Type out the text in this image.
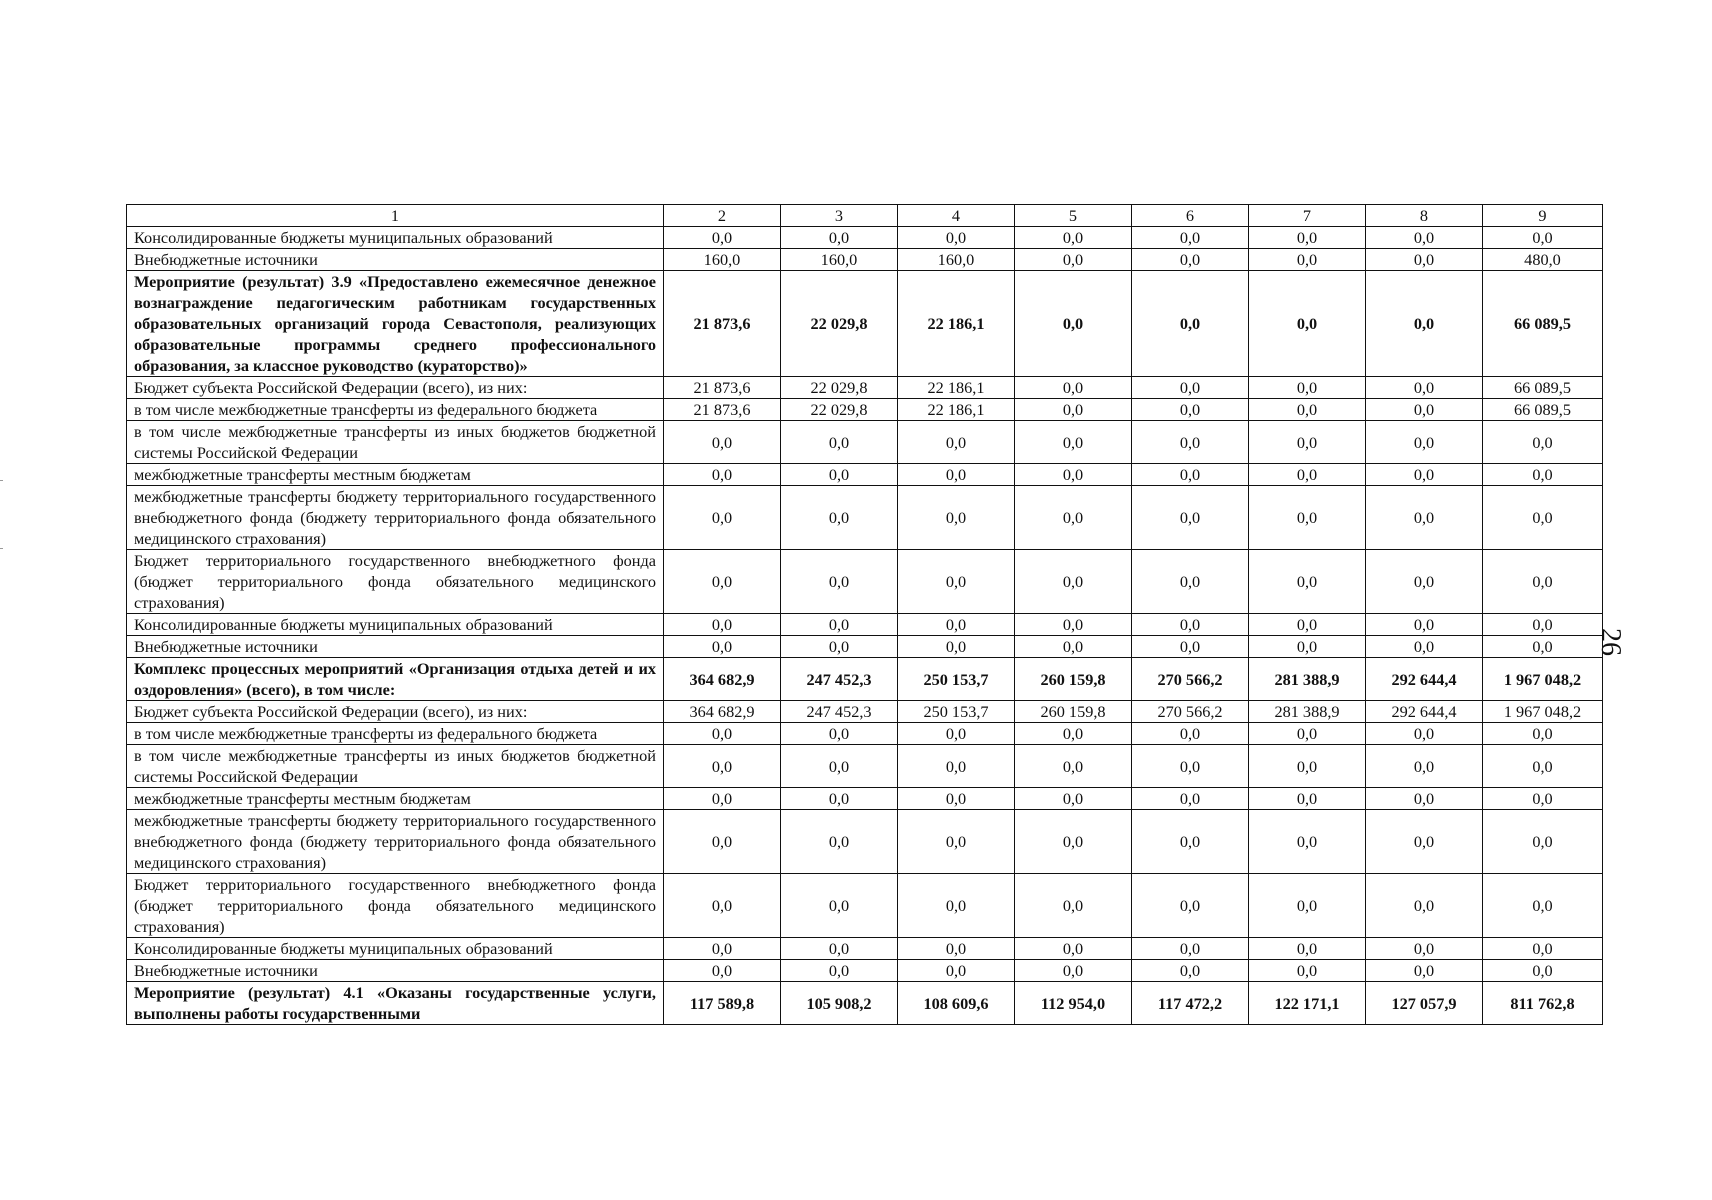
26
1	2	3	4	5	6	7	8	9
Консолидированные бюджеты муниципальных образований	0,0	0,0	0,0	0,0	0,0	0,0	0,0	0,0
Внебюджетные источники	160,0	160,0	160,0	0,0	0,0	0,0	0,0	480,0
Мероприятие (результат) 3.9 «Предоставлено ежемесячное денежное вознаграждение педагогическим работникам государственных образовательных организаций города Севастополя, реализующих образовательные программы среднего профессионального образования, за классное руководство (кураторство)»	21 873,6	22 029,8	22 186,1	0,0	0,0	0,0	0,0	66 089,5
Бюджет субъекта Российской Федерации (всего), из них:	21 873,6	22 029,8	22 186,1	0,0	0,0	0,0	0,0	66 089,5
в том числе межбюджетные трансферты из федерального бюджета	21 873,6	22 029,8	22 186,1	0,0	0,0	0,0	0,0	66 089,5
в том числе межбюджетные трансферты из иных бюджетов бюджетной системы Российской Федерации	0,0	0,0	0,0	0,0	0,0	0,0	0,0	0,0
межбюджетные трансферты местным бюджетам	0,0	0,0	0,0	0,0	0,0	0,0	0,0	0,0
межбюджетные трансферты бюджету территориального государственного внебюджетного фонда (бюджету территориального фонда обязательного медицинского страхования)	0,0	0,0	0,0	0,0	0,0	0,0	0,0	0,0
Бюджет территориального государственного внебюджетного фонда (бюджет территориального фонда обязательного медицинского страхования)	0,0	0,0	0,0	0,0	0,0	0,0	0,0	0,0
Консолидированные бюджеты муниципальных образований	0,0	0,0	0,0	0,0	0,0	0,0	0,0	0,0
Внебюджетные источники	0,0	0,0	0,0	0,0	0,0	0,0	0,0	0,0
Комплекс процессных мероприятий «Организация отдыха детей и их оздоровления» (всего), в том числе:	364 682,9	247 452,3	250 153,7	260 159,8	270 566,2	281 388,9	292 644,4	1 967 048,2
Бюджет субъекта Российской Федерации (всего), из них:	364 682,9	247 452,3	250 153,7	260 159,8	270 566,2	281 388,9	292 644,4	1 967 048,2
в том числе межбюджетные трансферты из федерального бюджета	0,0	0,0	0,0	0,0	0,0	0,0	0,0	0,0
в том числе межбюджетные трансферты из иных бюджетов бюджетной системы Российской Федерации	0,0	0,0	0,0	0,0	0,0	0,0	0,0	0,0
межбюджетные трансферты местным бюджетам	0,0	0,0	0,0	0,0	0,0	0,0	0,0	0,0
межбюджетные трансферты бюджету территориального государственного внебюджетного фонда (бюджету территориального фонда обязательного медицинского страхования)	0,0	0,0	0,0	0,0	0,0	0,0	0,0	0,0
Бюджет территориального государственного внебюджетного фонда (бюджет территориального фонда обязательного медицинского страхования)	0,0	0,0	0,0	0,0	0,0	0,0	0,0	0,0
Консолидированные бюджеты муниципальных образований	0,0	0,0	0,0	0,0	0,0	0,0	0,0	0,0
Внебюджетные источники	0,0	0,0	0,0	0,0	0,0	0,0	0,0	0,0
Мероприятие (результат) 4.1 «Оказаны государственные услуги, выполнены работы государственными	117 589,8	105 908,2	108 609,6	112 954,0	117 472,2	122 171,1	127 057,9	811 762,8
